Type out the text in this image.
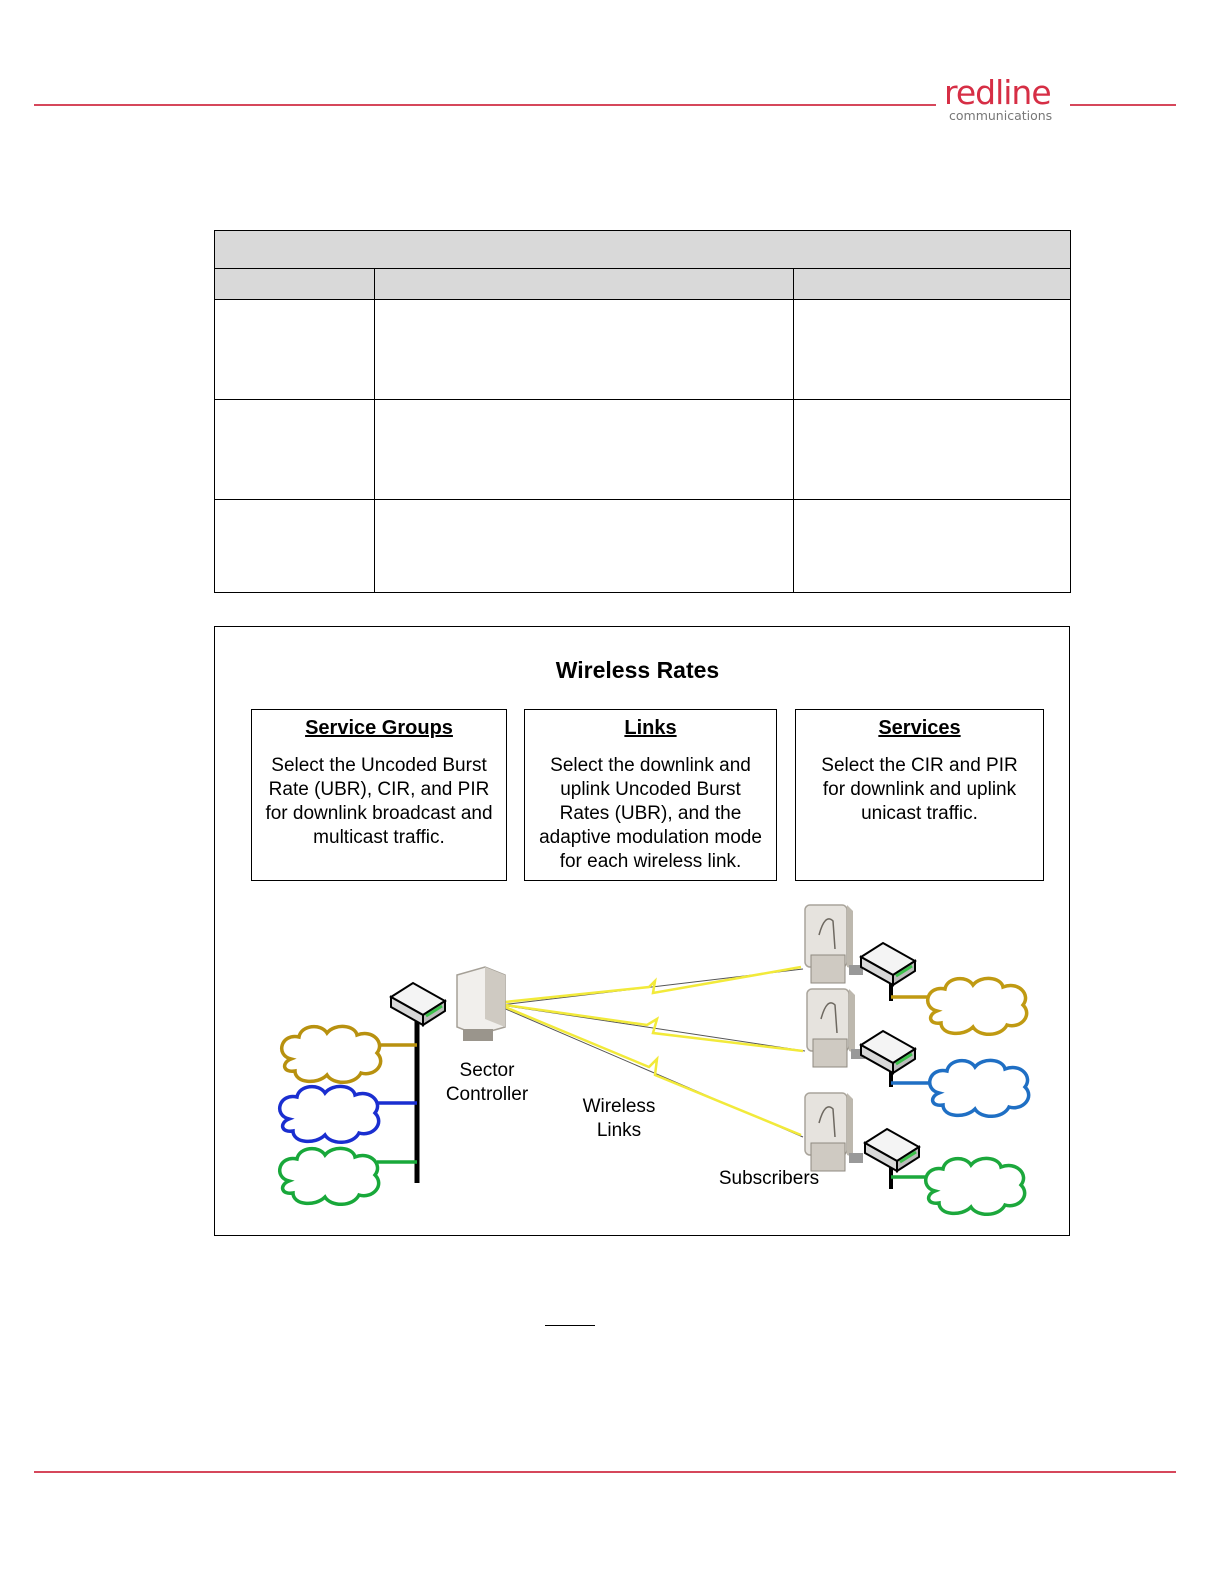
redline
communications

Wireless Rates
Service Groups
Select the Uncoded Burst
Rate (UBR), CIR, and PIR
for downlink broadcast and
multicast traffic.
Links
Select the downlink and
uplink Uncoded Burst
Rates (UBR), and the
adaptive modulation mode
for each wireless link.
Services
Select the CIR and PIR
for downlink and uplink
unicast traffic.
Sector
Controller
Wireless
Links
Subscribers
